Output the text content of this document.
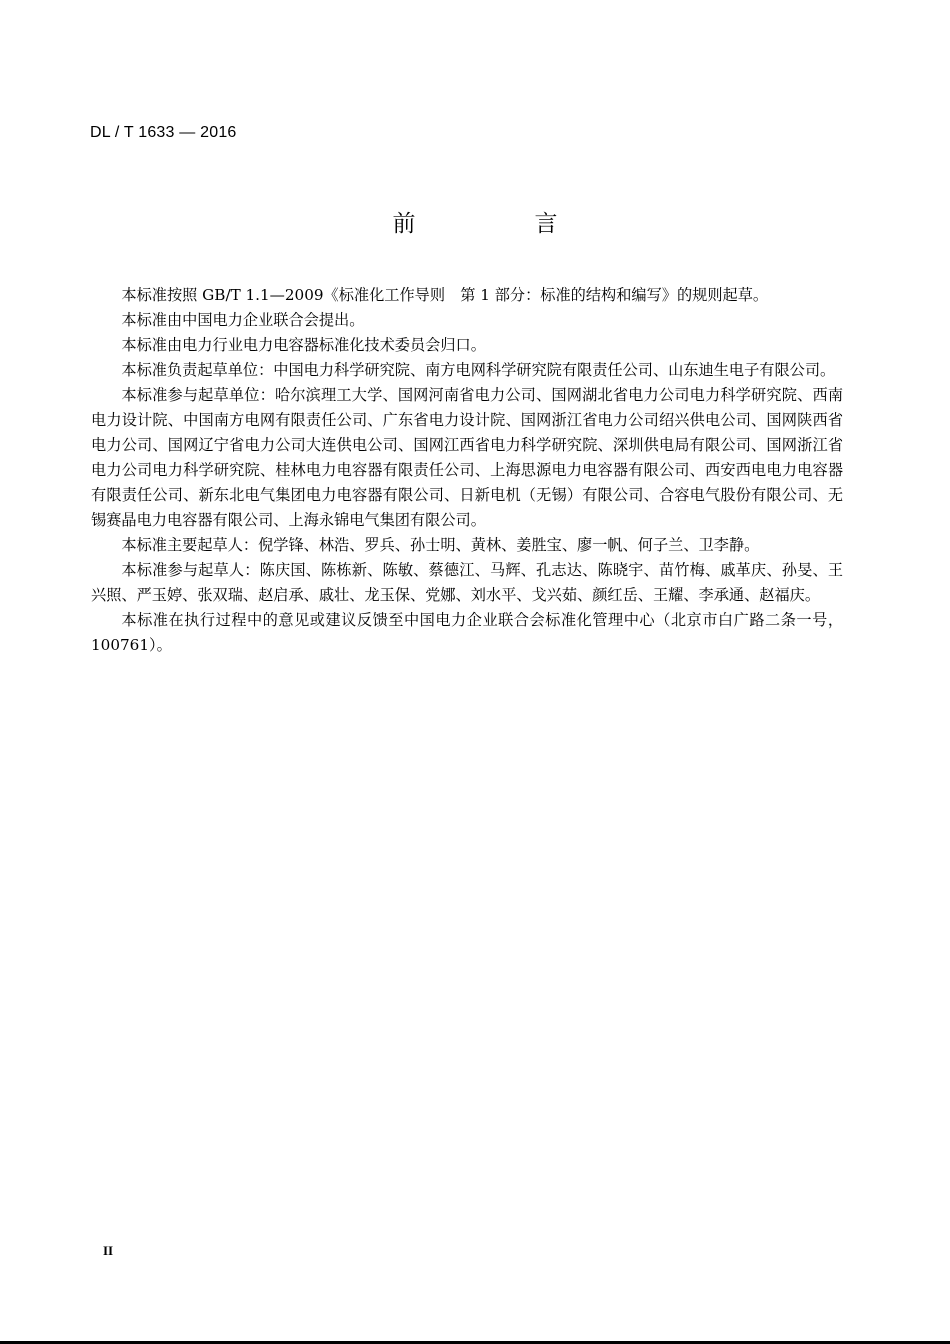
DL / T 1633 — 2016
前　言

本标准按照 GB/T 1.1—2009《标准化工作导则　第 1 部分：标准的结构和编写》的规则起草。

本标准由中国电力企业联合会提出。

本标准由电力行业电力电容器标准化技术委员会归口。

本标准负责起草单位：中国电力科学研究院、南方电网科学研究院有限责任公司、山东迪生电子有限公司。

本标准参与起草单位：哈尔滨理工大学、国网河南省电力公司、国网湖北省电力公司电力科学研究院、西南电力设计院、中国南方电网有限责任公司、广东省电力设计院、国网浙江省电力公司绍兴供电公司、国网陕西省电力公司、国网辽宁省电力公司大连供电公司、国网江西省电力科学研究院、深圳供电局有限公司、国网浙江省电力公司电力科学研究院、桂林电力电容器有限责任公司、上海思源电力电容器有限公司、西安西电电力电容器有限责任公司、新东北电气集团电力电容器有限公司、日新电机（无锡）有限公司、合容电气股份有限公司、无锡赛晶电力电容器有限公司、上海永锦电气集团有限公司。

本标准主要起草人：倪学锋、林浩、罗兵、孙士明、黄林、姜胜宝、廖一帆、何子兰、卫李静。

本标准参与起草人：陈庆国、陈栋新、陈敏、蔡德江、马辉、孔志达、陈晓宇、苗竹梅、戚革庆、孙旻、王兴照、严玉婷、张双瑞、赵启承、戚壮、龙玉保、党娜、刘水平、戈兴茹、颜红岳、王耀、李承通、赵福庆。

本标准在执行过程中的意见或建议反馈至中国电力企业联合会标准化管理中心（北京市白广路二条一号，100761）。

II
